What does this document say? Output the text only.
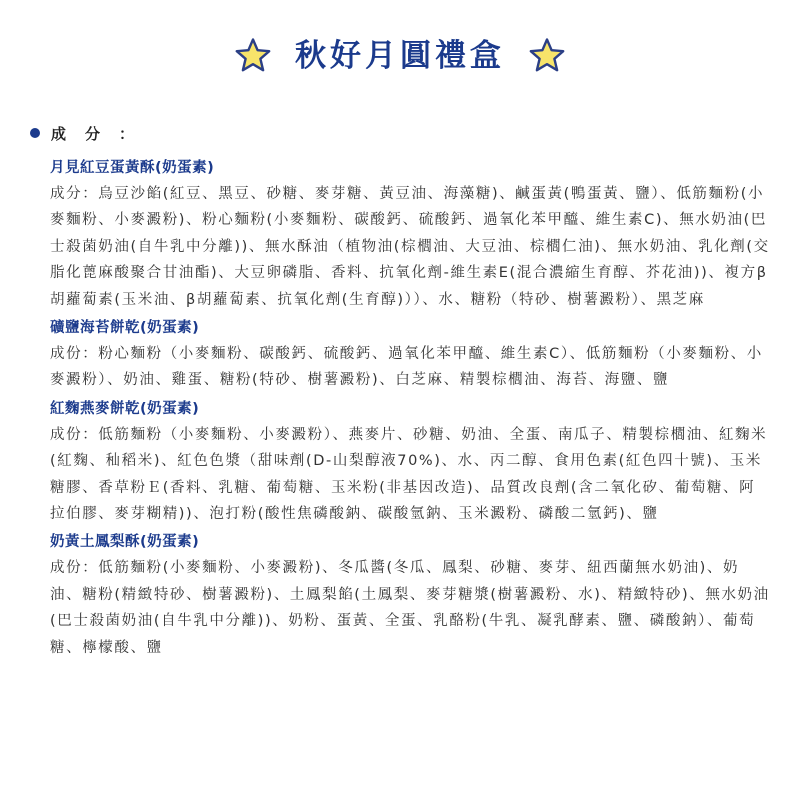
秋好月圓禮盒
成分：
月見紅豆蛋黃酥(奶蛋素)
成分：烏豆沙餡(紅豆、黑豆、砂糖、麥芽糖、黃豆油、海藻糖)、鹹蛋黃(鴨蛋黃、鹽）、低筋麵粉(小麥麵粉、小麥澱粉)、粉心麵粉(小麥麵粉、碳酸鈣、硫酸鈣、過氧化苯甲醯、維生素C)、無水奶油(巴士殺菌奶油(自牛乳中分離))、無水酥油（植物油(棕櫚油、大豆油、棕櫚仁油)、無水奶油、乳化劑(交脂化蓖麻酸聚合甘油酯)、大豆卵磷脂、香料、抗氧化劑-維生素E(混合濃縮生育醇、芥花油))、複方β胡蘿蔔素(玉米油、β胡蘿蔔素、抗氧化劑(生育醇)））、水、糖粉（特砂、樹薯澱粉）、黑芝麻
礦鹽海苔餅乾(奶蛋素)
成份：粉心麵粉（小麥麵粉、碳酸鈣、硫酸鈣、過氧化苯甲醯、維生素C）、低筋麵粉（小麥麵粉、小麥澱粉）、奶油、雞蛋、糖粉(特砂、樹薯澱粉)、白芝麻、精製棕櫚油、海苔、海鹽、鹽
紅麴燕麥餅乾(奶蛋素)
成份：低筋麵粉（小麥麵粉、小麥澱粉）、燕麥片、砂糖、奶油、全蛋、南瓜子、精製棕櫚油、紅麴米(紅麴、秈稻米)、紅色色漿（甜味劑(D-山梨醇液70%)、水、丙二醇、食用色素(紅色四十號)、玉米糖膠、香草粉Ｅ(香料、乳糖、葡萄糖、玉米粉(非基因改造)、品質改良劑(含二氧化矽、葡萄糖、阿拉伯膠、麥芽糊精))、泡打粉(酸性焦磷酸鈉、碳酸氫鈉、玉米澱粉、磷酸二氫鈣)、鹽
奶黃土鳳梨酥(奶蛋素)
成份：低筋麵粉(小麥麵粉、小麥澱粉)、冬瓜醬(冬瓜、鳳梨、砂糖、麥芽、紐西蘭無水奶油)、奶油、糖粉(精緻特砂、樹薯澱粉)、土鳳梨餡(土鳳梨、麥芽糖漿(樹薯澱粉、水)、精緻特砂)、無水奶油(巴士殺菌奶油(自牛乳中分離))、奶粉、蛋黃、全蛋、乳酪粉(牛乳、凝乳酵素、鹽、磷酸鈉）、葡萄糖、檸檬酸、鹽
